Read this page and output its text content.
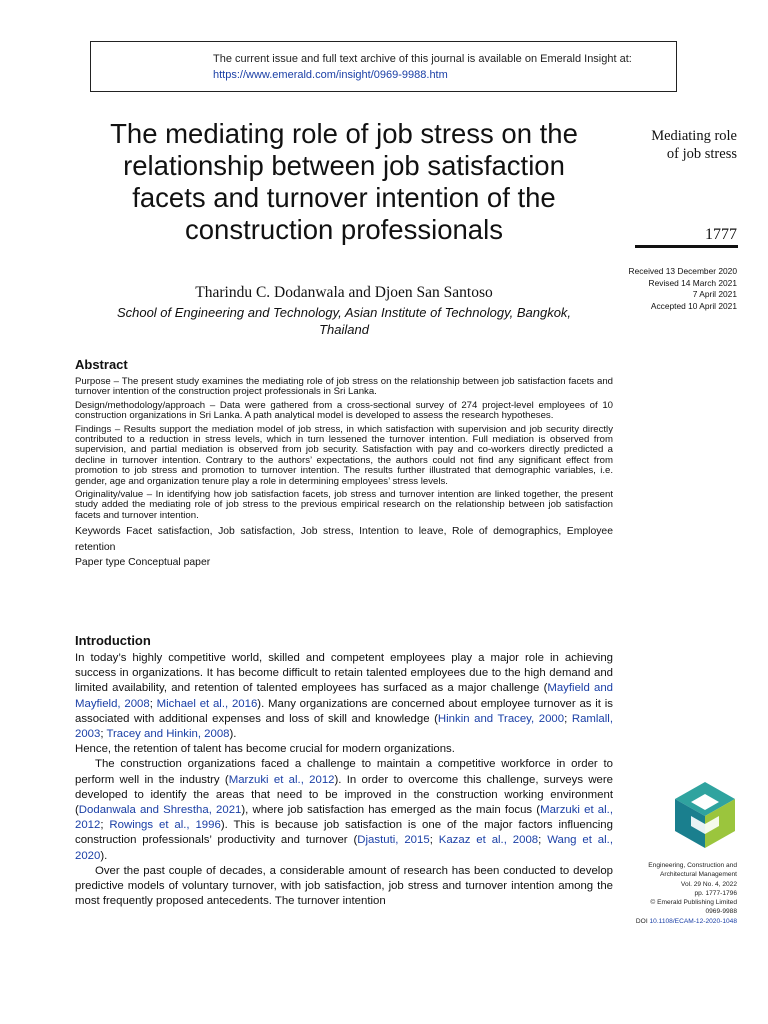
The current issue and full text archive of this journal is available on Emerald Insight at:
https://www.emerald.com/insight/0969-9988.htm
The mediating role of job stress on the relationship between job satisfaction facets and turnover intention of the construction professionals
Tharindu C. Dodanwala and Djoen San Santoso
School of Engineering and Technology, Asian Institute of Technology, Bangkok, Thailand
Mediating role
of job stress
1777
Received 13 December 2020
Revised 14 March 2021
7 April 2021
Accepted 10 April 2021
Abstract

Purpose – The present study examines the mediating role of job stress on the relationship between job satisfaction facets and turnover intention of the construction project professionals in Sri Lanka.

Design/methodology/approach – Data were gathered from a cross-sectional survey of 274 project-level employees of 10 construction organizations in Sri Lanka. A path analytical model is developed to assess the research hypotheses.

Findings – Results support the mediation model of job stress, in which satisfaction with supervision and job security directly contributed to a reduction in stress levels, which in turn lessened the turnover intention. Full mediation is observed from supervision, and partial mediation is observed from job security. Satisfaction with pay and co-workers directly predicted a decline in turnover intention. Contrary to the authors’ expectations, the authors could not find any significant effect from promotion to job stress and promotion to turnover intention. The results further illustrated that demographic variables, i.e. gender, age and organization tenure play a role in determining employees’ stress levels.

Originality/value – In identifying how job satisfaction facets, job stress and turnover intention are linked together, the present study added the mediating role of job stress to the previous empirical research on the relationship between job satisfaction facets and turnover intention.

Keywords Facet satisfaction, Job satisfaction, Job stress, Intention to leave, Role of demographics, Employee retention

Paper type Conceptual paper

Introduction

In today’s highly competitive world, skilled and competent employees play a major role in achieving success in organizations. It has become difficult to retain talented employees due to the high demand and limited availability, and retention of talented employees has surfaced as a major challenge (Mayfield and Mayfield, 2008; Michael et al., 2016). Many organizations are concerned about employee turnover as it is associated with additional expenses and loss of skill and knowledge (Hinkin and Tracey, 2000; Ramlall, 2003; Tracey and Hinkin, 2008).

Hence, the retention of talent has become crucial for modern organizations.

The construction organizations faced a challenge to maintain a competitive workforce in order to perform well in the industry (Marzuki et al., 2012). In order to overcome this challenge, surveys were developed to identify the areas that need to be improved in the construction working environment (Dodanwala and Shrestha, 2021), where job satisfaction has emerged as the main focus (Marzuki et al., 2012; Rowings et al., 1996). This is because job satisfaction is one of the major factors influencing construction professionals’ productivity and turnover (Djastuti, 2015; Kazaz et al., 2008; Wang et al., 2020).

Over the past couple of decades, a considerable amount of research has been conducted to develop predictive models of voluntary turnover, with job satisfaction, job stress and turnover intention among the most frequently proposed antecedents. The turnover intention

Engineering, Construction and
Architectural Management
Vol. 29 No. 4, 2022
pp. 1777-1796
© Emerald Publishing Limited
0969-9988
DOI 10.1108/ECAM-12-2020-1048
